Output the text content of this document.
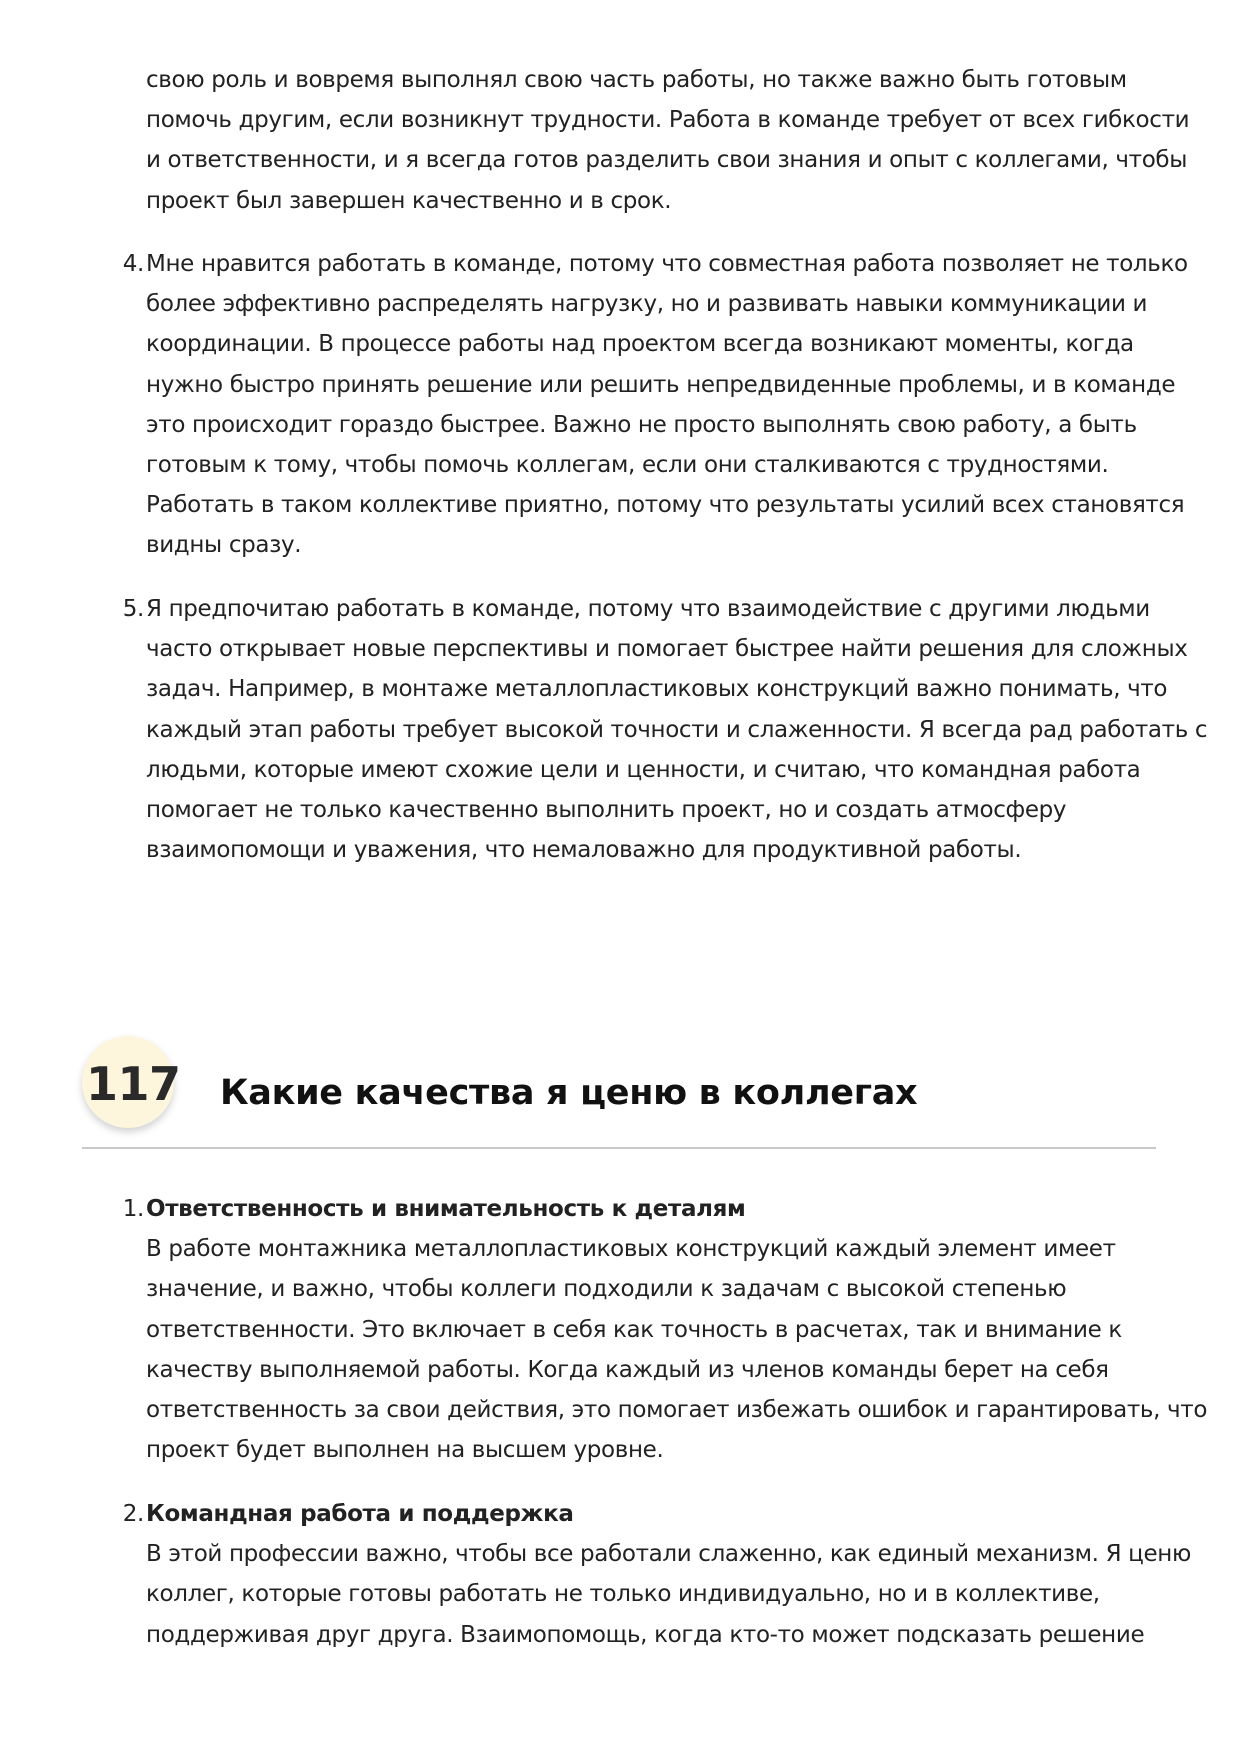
свою роль и вовремя выполнял свою часть работы, но также важно быть готовым
помочь другим, если возникнут трудности. Работа в команде требует от всех гибкости
и ответственности, и я всегда готов разделить свои знания и опыт с коллегами, чтобы
проект был завершен качественно и в срок.
4. Мне нравится работать в команде, потому что совместная работа позволяет не только
более эффективно распределять нагрузку, но и развивать навыки коммуникации и
координации. В процессе работы над проектом всегда возникают моменты, когда
нужно быстро принять решение или решить непредвиденные проблемы, и в команде
это происходит гораздо быстрее. Важно не просто выполнять свою работу, а быть
готовым к тому, чтобы помочь коллегам, если они сталкиваются с трудностями.
Работать в таком коллективе приятно, потому что результаты усилий всех становятся
видны сразу.
5. Я предпочитаю работать в команде, потому что взаимодействие с другими людьми
часто открывает новые перспективы и помогает быстрее найти решения для сложных
задач. Например, в монтаже металлопластиковых конструкций важно понимать, что
каждый этап работы требует высокой точности и слаженности. Я всегда рад работать с
людьми, которые имеют схожие цели и ценности, и считаю, что командная работа
помогает не только качественно выполнить проект, но и создать атмосферу
взаимопомощи и уважения, что немаловажно для продуктивной работы.
117 Какие качества я ценю в коллегах
1. Ответственность и внимательность к деталям
В работе монтажника металлопластиковых конструкций каждый элемент имеет
значение, и важно, чтобы коллеги подходили к задачам с высокой степенью
ответственности. Это включает в себя как точность в расчетах, так и внимание к
качеству выполняемой работы. Когда каждый из членов команды берет на себя
ответственность за свои действия, это помогает избежать ошибок и гарантировать, что
проект будет выполнен на высшем уровне.
2. Командная работа и поддержка
В этой профессии важно, чтобы все работали слаженно, как единый механизм. Я ценю
коллег, которые готовы работать не только индивидуально, но и в коллективе,
поддерживая друг друга. Взаимопомощь, когда кто-то может подсказать решение
